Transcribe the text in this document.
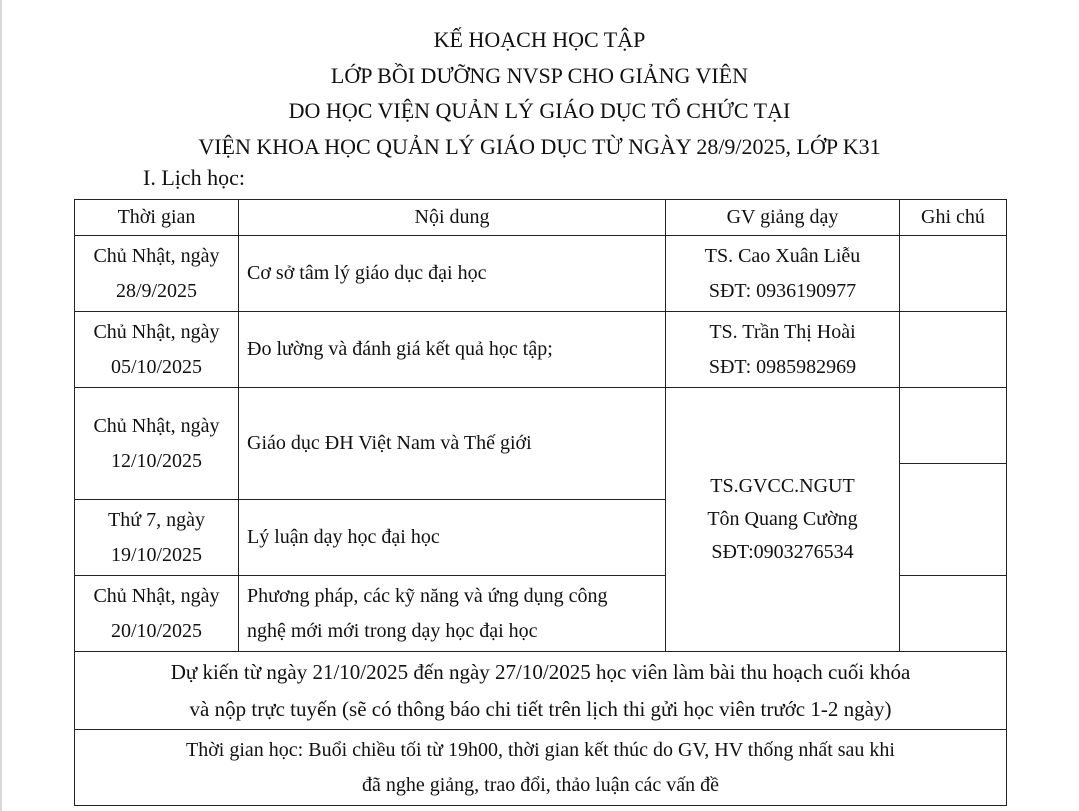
KẾ HOẠCH HỌC TẬP
LỚP BỒI DƯỠNG NVSP CHO GIẢNG VIÊN
DO HỌC VIỆN QUẢN LÝ GIÁO DỤC TỔ CHỨC TẠI
VIỆN KHOA HỌC QUẢN LÝ GIÁO DỤC TỪ NGÀY 28/9/2025, LỚP K31
I. Lịch học:
Thời gian	Nội dung	GV giảng dạy	Ghi chú

Chủ Nhật, ngày
28/9/2025	Cơ sở tâm lý giáo dục đại học	TS. Cao Xuân Liễu
SĐT: 0936190977	

Chủ Nhật, ngày
05/10/2025	Đo lường và đánh giá kết quả học tập;	TS. Trần Thị Hoài
SĐT: 0985982969	

Chủ Nhật, ngày
12/10/2025	Giáo dục ĐH Việt Nam và Thế giới	TS.GVCC.NGUT
Tôn Quang Cường
SĐT:0903276534	

Thứ 7, ngày
19/10/2025	Lý luận dạy học đại học		

Chủ Nhật, ngày
20/10/2025	Phương pháp, các kỹ năng và ứng dụng công
nghệ mới mới trong dạy học đại học		

Dự kiến từ ngày 21/10/2025 đến ngày 27/10/2025 học viên làm bài thu hoạch cuối khóa
và nộp trực tuyến (sẽ có thông báo chi tiết trên lịch thi gửi học viên trước 1-2 ngày)			

Thời gian học: Buổi chiều tối từ 19h00, thời gian kết thúc do GV, HV thống nhất sau khi
đã nghe giảng, trao đổi, thảo luận các vấn đề			
